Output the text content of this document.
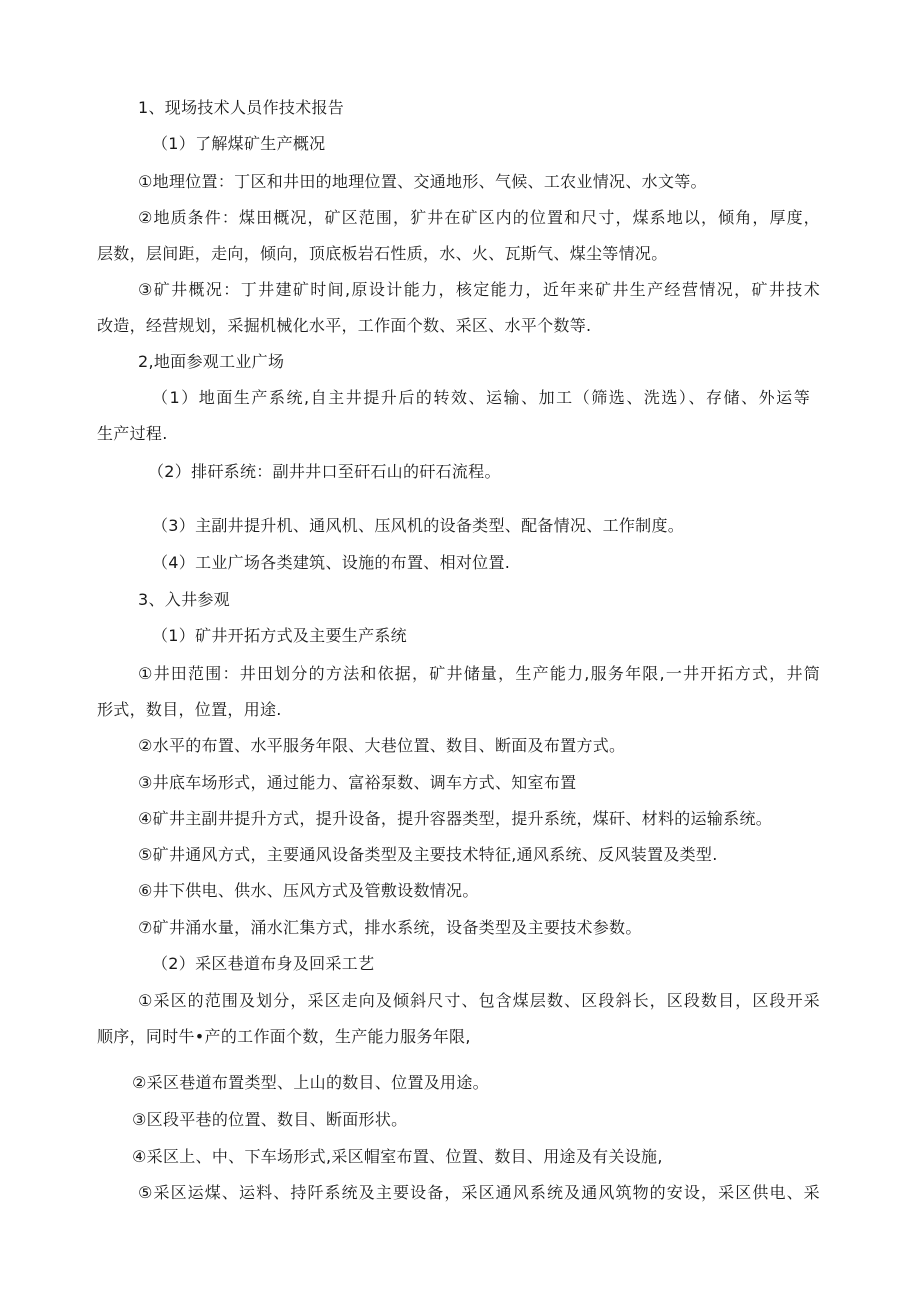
1、现场技术人员作技术报告
（1）了解煤矿生产概况
①地理位置：丁区和井田的地理位置、交通地形、气候、工农业情况、水文等。
②地质条件：煤田概况，矿区范围，犷井在矿区内的位置和尺寸，煤系地以，倾角，厚度，
层数，层间距，走向，倾向，顶底板岩石性质，水、火、瓦斯气、煤尘等情况。
③矿井概况：丁井建矿时间,原设计能力，核定能力，近年来矿井生产经营情况，矿井技术
改造，经营规划，采掘机械化水平，工作面个数、采区、水平个数等.
2,地面参观工业广场
（1）地面生产系统,自主井提升后的转效、运输、加工（筛选、洗选）、存储、外运等
生产过程.
（2）排矸系统：副井井口至矸石山的矸石流程。
（3）主副井提升机、通风机、压风机的设备类型、配备情况、工作制度。
（4）工业广场各类建筑、设施的布置、相对位置.
3、入井参观
（1）矿井开拓方式及主要生产系统
①井田范围：井田划分的方法和依据，矿井储量，生产能力,服务年限,一井开拓方式，井筒
形式，数目，位置，用途.
②水平的布置、水平服务年限、大巷位置、数目、断面及布置方式。
③井底车场形式，通过能力、富裕泵数、调车方式、知室布置
④矿井主副井提升方式，提升设备，提升容器类型，提升系统，煤矸、材料的运输系统。
⑤矿井通风方式，主要通风设备类型及主要技术特征,通风系统、反风装置及类型.
⑥井下供电、供水、压风方式及管敷设数情况。
⑦矿井涌水量，涌水汇集方式，排水系统，设备类型及主要技术参数。
（2）采区巷道布身及回采工艺
①采区的范围及划分，采区走向及倾斜尺寸、包含煤层数、区段斜长，区段数目，区段开采
顺序，同时牛•产的工作面个数，生产能力服务年限,
②采区巷道布置类型、上山的数目、位置及用途。
③区段平巷的位置、数目、断面形状。
④采区上、中、下车场形式,采区帽室布置、位置、数目、用途及有关设施,
⑤采区运煤、运料、持阡系统及主要设备，采区通风系统及通风筑物的安设，采区供电、采
